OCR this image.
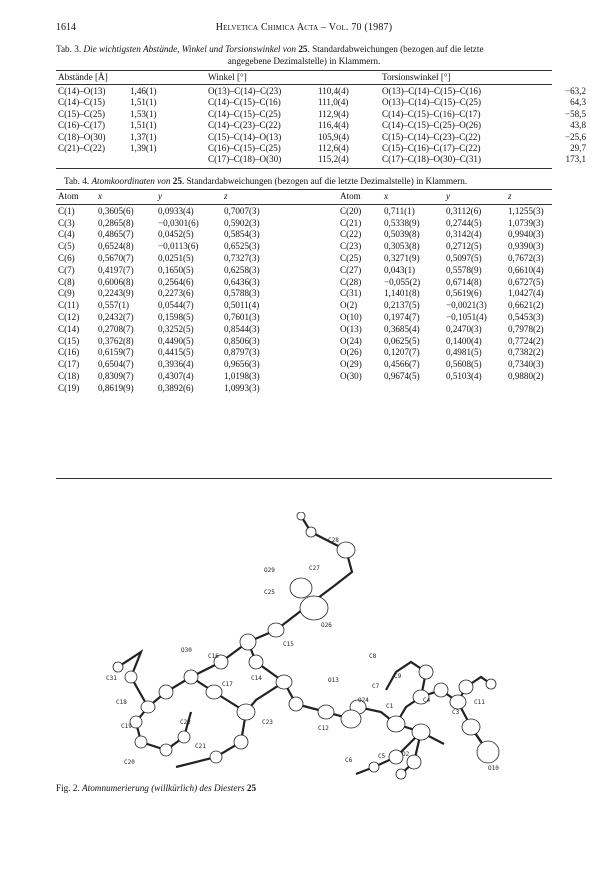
1614	Helvetica Chimica Acta – Vol. 70 (1987)
Tab. 3. Die wichtigsten Abstände, Winkel und Torsionswinkel von 25. Standardabweichungen (bezogen auf die letzte
angegebene Dezimalstelle) in Klammern.
Abstände [Å]	Winkel [°]	Torsionswinkel [°]
C(14)–O(13)	1,46(1)	O(13)–C(14)–C(23)	110,4(4)	O(13)–C(14)–C(15)–C(16)	−63,2
C(14)–C(15)	1,51(1)	C(14)–C(15)–C(16)	111,0(4)	O(13)–C(14)–C(15)–C(25)	64,3
C(15)–C(25)	1,53(1)	C(14)–C(15)–C(25)	112,9(4)	C(14)–C(15)–C(16)–C(17)	−58,5
C(16)–C(17)	1,51(1)	C(14)–C(23)–C(22)	116,4(4)	C(14)–C(15)–C(25)–O(26)	43,8
C(18)–O(30)	1,37(1)	C(15)–C(14)–O(13)	105,9(4)	C(15)–C(14)–C(23)–C(22)	−25,6
C(21)–C(22)	1,39(1)	C(16)–C(15)–C(25)	112,6(4)	C(15)–C(16)–C(17)–C(22)	29,7
		C(17)–C(18)–O(30)	115,2(4)	C(17)–C(18)–O(30)–C(31)	173,1
Tab. 4. Atomkoordinaten von 25. Standardabweichungen (bezogen auf die letzte Dezimalstelle) in Klammern.
Atom	x	y	z	Atom	x	y	z
C(1)	0,3605(6)	0,0933(4)	0,7007(3)	C(20)	0,711(1)	0,3112(6)	1,1255(3)
C(3)	0,2865(8)	−0,0301(6)	0,5902(3)	C(21)	0,5338(9)	0,2744(5)	1,0739(3)
C(4)	0,4865(7)	0,0452(5)	0,5854(3)	C(22)	0,5039(8)	0,3142(4)	0,9940(3)
C(5)	0,6524(8)	−0,0113(6)	0,6525(3)	C(23)	0,3053(8)	0,2712(5)	0,9390(3)
C(6)	0,5670(7)	0,0251(5)	0,7327(3)	C(25)	0,3271(9)	0,5097(5)	0,7672(3)
C(7)	0,4197(7)	0,1650(5)	0,6258(3)	C(27)	0,043(1)	0,5578(9)	0,6610(4)
C(8)	0,6006(8)	0,2564(6)	0,6436(3)	C(28)	−0,055(2)	0,6714(8)	0,6727(5)
C(9)	0,2243(9)	0,2273(6)	0,5788(3)	C(31)	1,1401(8)	0,5619(6)	1,0427(4)
C(11)	0,557(1)	0,0544(7)	0,5011(4)	O(2)	0,2137(5)	−0,0021(3)	0,6621(2)
C(12)	0,2432(7)	0,1598(5)	0,7601(3)	O(10)	0,1974(7)	−0,1051(4)	0,5453(3)
C(14)	0,2708(7)	0,3252(5)	0,8544(3)	O(13)	0,3685(4)	0,2470(3)	0,7978(2)
C(15)	0,3762(8)	0,4490(5)	0,8506(3)	O(24)	0,0625(5)	0,1400(4)	0,7724(2)
C(16)	0,6159(7)	0,4415(5)	0,8797(3)	O(26)	0,1207(7)	0,4981(5)	0,7382(2)
C(17)	0,6504(7)	0,3936(4)	0,9656(3)	O(29)	0,4566(7)	0,5608(5)	0,7340(3)
C(18)	0,8309(7)	0,4307(4)	1,0198(3)	O(30)	0,9674(5)	0,5103(4)	0,9880(2)
C(19)	0,8619(9)	0,3892(6)	1,0993(3)				
C28
C27
O29
C25
O26
C15
C16
O30
C31
C18
C17
C14	O13
C8
C9
C7
O24
C1
C4	C11
C19
C22	C23
C12
C3
C21
C20	C6
C5	O2
O10
Fig. 2. Atomnumerierung (willkürlich) des Diesters 25
